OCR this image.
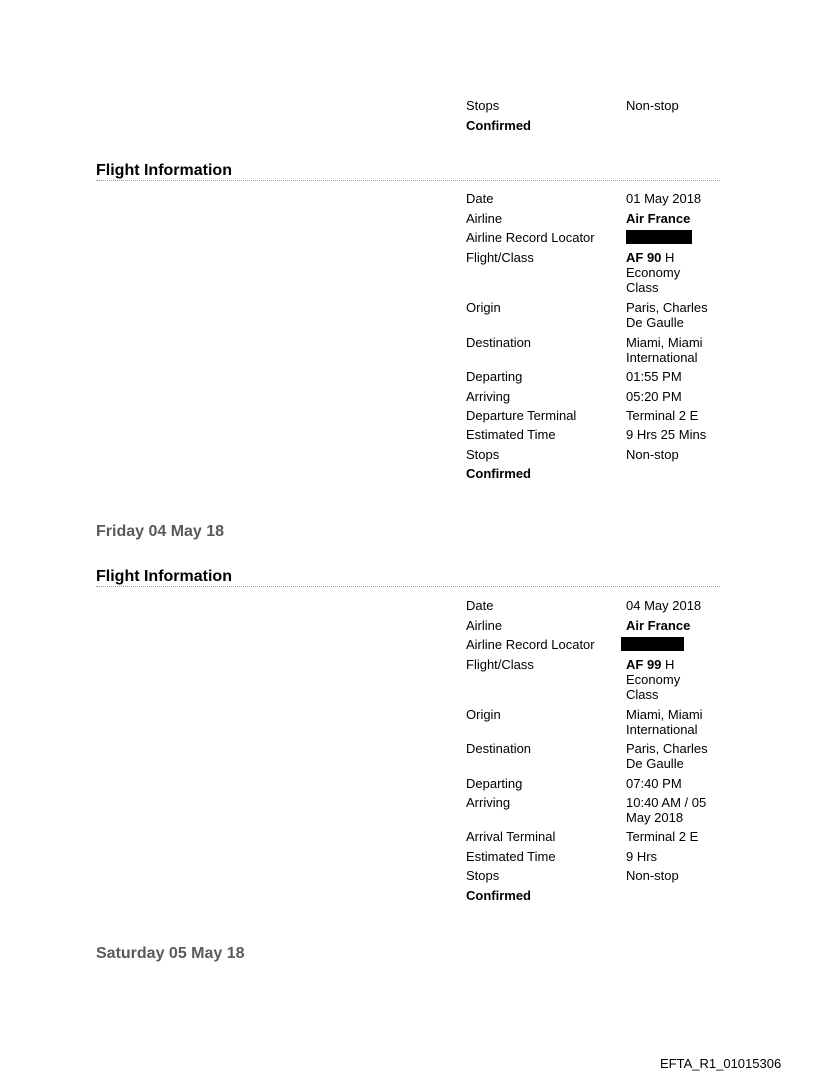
Stops	Non-stop
Confirmed
Flight Information
Date	01 May 2018
Airline	Air France
Airline Record Locator
Flight/Class	AF 90 H
Economy
Class
Origin	Paris, Charles
De Gaulle
Destination	Miami, Miami
International
Departing	01:55 PM
Arriving	05:20 PM
Departure Terminal	Terminal 2 E
Estimated Time	9 Hrs 25 Mins
Stops	Non-stop
Confirmed
Friday 04 May 18
Flight Information
Date	04 May 2018
Airline	Air France
Airline Record Locator
Flight/Class	AF 99 H
Economy
Class
Origin	Miami, Miami
International
Destination	Paris, Charles
De Gaulle
Departing	07:40 PM
Arriving	10:40 AM / 05
May 2018
Arrival Terminal	Terminal 2 E
Estimated Time	9 Hrs
Stops	Non-stop
Confirmed
Saturday 05 May 18
EFTA_R1_01015306
